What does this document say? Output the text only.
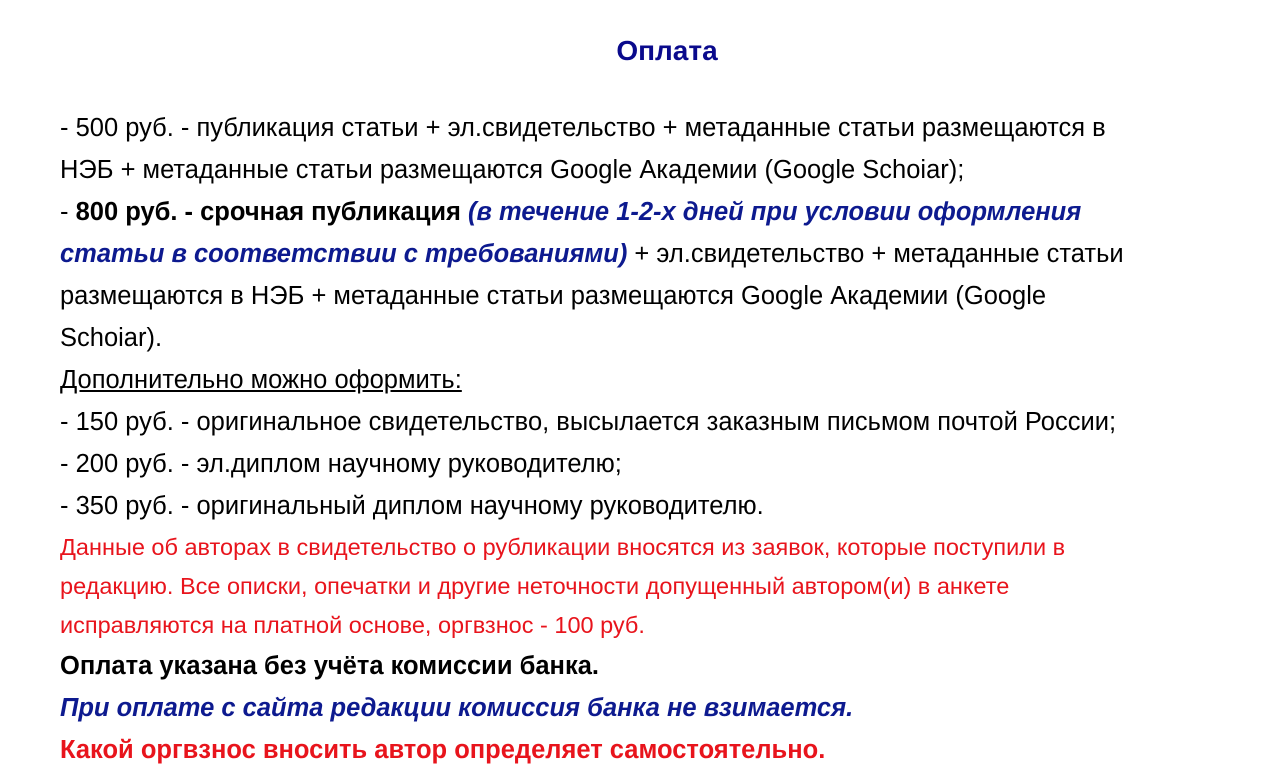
Оплата
- 500 руб. - публикация статьи + эл.свидетельство + метаданные статьи размещаются в
НЭБ + метаданные статьи размещаются Google Академии (Google Schoiar);
- 800 руб. - срочная публикация (в течение 1-2-х дней при условии оформления
статьи в соответствии с требованиями) + эл.свидетельство + метаданные статьи
размещаются в НЭБ + метаданные статьи размещаются Google Академии (Google
Schoiar).
Дополнительно можно оформить:
- 150 руб. - оригинальное свидетельство, высылается заказным письмом почтой России;
- 200 руб. - эл.диплом научному руководителю;
- 350 руб. - оригинальный диплом научному руководителю.
Данные об авторах в свидетельство о рубликации вносятся из заявок, которые поступили в
редакцию. Все описки, опечатки и другие неточности допущенный автором(и) в анкете
исправляются на платной основе, оргвзнос - 100 руб.
Оплата указана без учёта комиссии банка.
При оплате с сайта редакции комиссия банка не взимается.
Какой оргвзнос вносить автор определяет самостоятельно.
